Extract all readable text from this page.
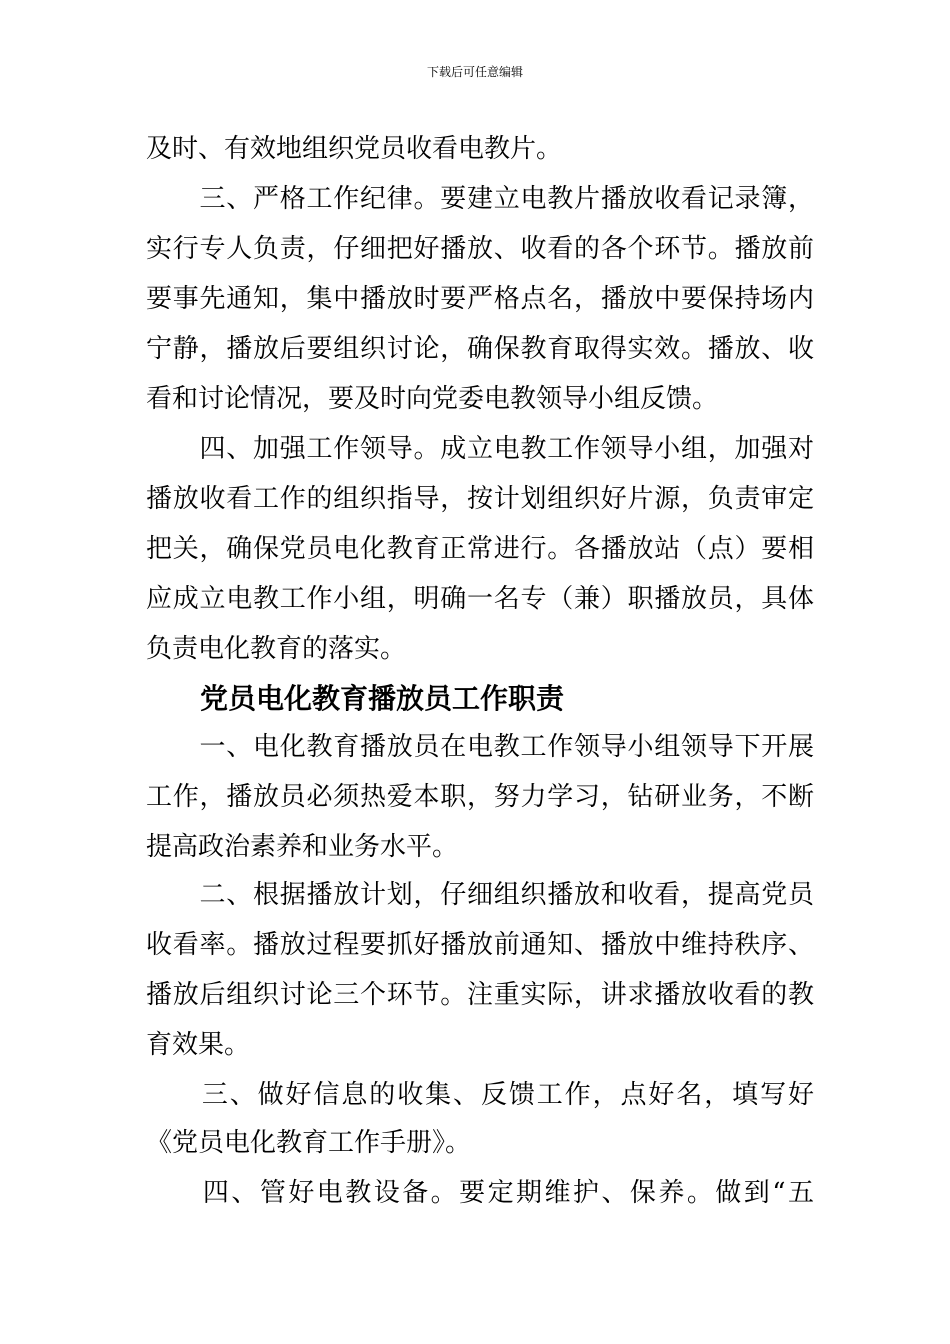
下载后可任意编辑
及时、有效地组织党员收看电教片。
　　三、严格工作纪律。要建立电教片播放收看记录簿，
实行专人负责，仔细把好播放、收看的各个环节。播放前
要事先通知，集中播放时要严格点名，播放中要保持场内
宁静，播放后要组织讨论，确保教育取得实效。播放、收
看和讨论情况，要及时向党委电教领导小组反馈。
　　四、加强工作领导。成立电教工作领导小组，加强对
播放收看工作的组织指导，按计划组织好片源，负责审定
把关，确保党员电化教育正常进行。各播放站（点）要相
应成立电教工作小组，明确一名专（兼）职播放员，具体
负责电化教育的落实。
党员电化教育播放员工作职责
　　一、电化教育播放员在电教工作领导小组领导下开展
工作，播放员必须热爱本职，努力学习，钻研业务，不断
提高政治素养和业务水平。
　　二、根据播放计划，仔细组织播放和收看，提高党员
收看率。播放过程要抓好播放前通知、播放中维持秩序、
播放后组织讨论三个环节。注重实际，讲求播放收看的教
育效果。
　　三、做好信息的收集、反馈工作，点好名，填写好
《党员电化教育工作手册》。
　　四、管好电教设备。要定期维护、保养。做到“五
